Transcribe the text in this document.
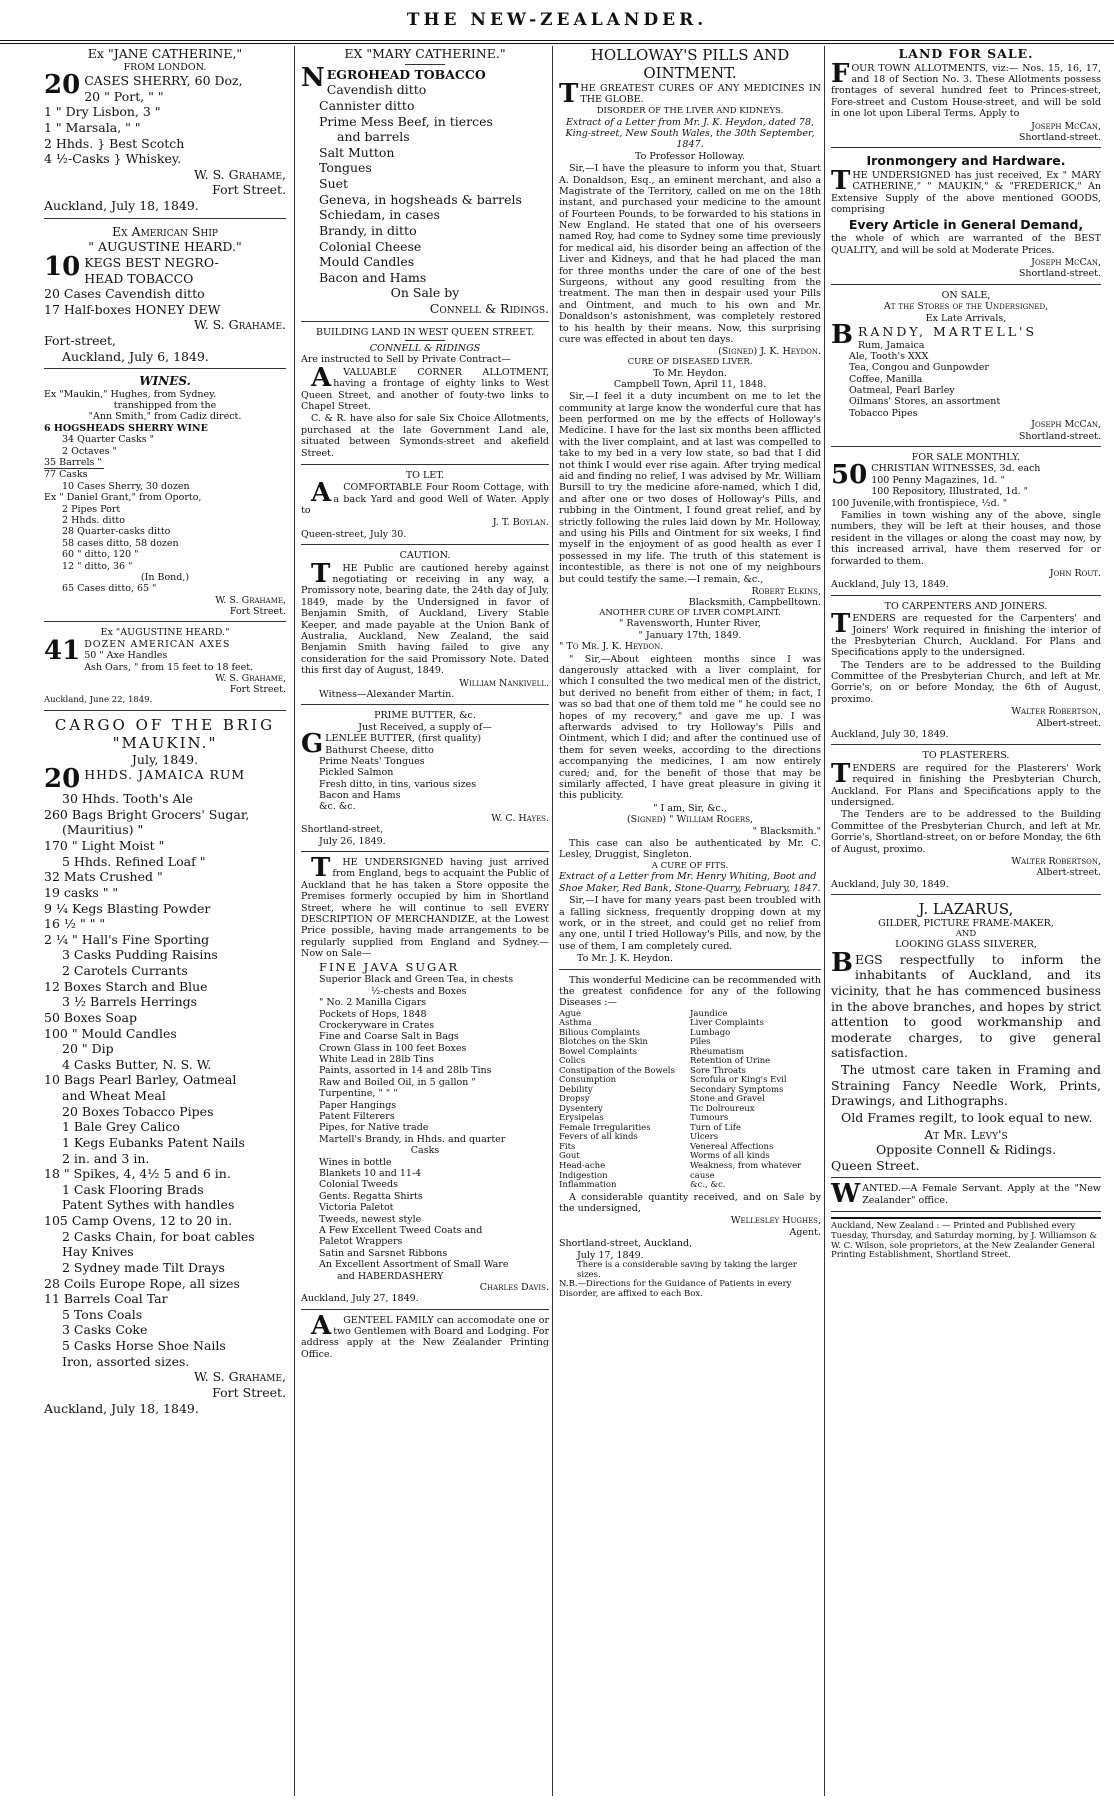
THE NEW-ZEALANDER.
Ex "JANE CATHERINE,"
FROM LONDON.
20 CASES SHERRY, 60 Doz,
20 " Port, " "
1 " Dry Lisbon, 3 "
1 " Marsala, " "
2 Hhds. } Best Scotch
4 ½-Casks } Whiskey.
W. S. Grahame,
Fort Street.
Auckland, July 18, 1849.
Ex American Ship
" AUGUSTINE HEARD."
10 KEGS BEST NEGRO-
HEAD TOBACCO
20 Cases Cavendish ditto
17 Half-boxes HONEY DEW
W. S. Grahame.
Fort-street,
Auckland, July 6, 1849.
WINES.
Ex "Maukin," Hughes, from Sydney.
transhipped from the
"Ann Smith," from Cadiz direct.
6 HOGSHEADS SHERRY WINE
34 Quarter Casks "
2 Octaves "
35 Barrels "
77 Casks
10 Cases Sherry, 30 dozen
Ex " Daniel Grant," from Oporto,
2 Pipes Port
2 Hhds. ditto
28 Quarter-casks ditto
58 cases ditto, 58 dozen
60 " ditto, 120 "
12 " ditto, 36 "
(In Bond,)
65 Cases ditto, 65 "
W. S. Grahame,
Fort Street.
Ex "AUGUSTINE HEARD."
41 DOZEN AMERICAN AXES
50 " Axe Handles
Ash Oars, " from 15 feet to 18 feet.
W. S. Grahame,
Fort Street.
Auckland, June 22, 1849.
CARGO OF THE BRIG
"MAUKIN."
July, 1849.
20 HHDS. JAMAICA RUM
30 Hhds. Tooth's Ale
260 Bags Bright Grocers' Sugar,
(Mauritius) "
170 " Light Moist "
5 Hhds. Refined Loaf "
32 Mats Crushed "
19 casks " "
9 ¼ Kegs Blasting Powder
16 ½ " " "
2 ¼ " Hall's Fine Sporting
3 Casks Pudding Raisins
2 Carotels Currants
12 Boxes Starch and Blue
3 ½ Barrels Herrings
50 Boxes Soap
100 " Mould Candles
20 " Dip
4 Casks Butter, N. S. W.
10 Bags Pearl Barley, Oatmeal
and Wheat Meal
20 Boxes Tobacco Pipes
1 Bale Grey Calico
1 Kegs Eubanks Patent Nails
2 in. and 3 in.
18 " Spikes, 4, 4½ 5 and 6 in.
1 Cask Flooring Brads
Patent Sythes with handles
105 Camp Ovens, 12 to 20 in.
2 Casks Chain, for boat cables
Hay Knives
2 Sydney made Tilt Drays
28 Coils Europe Rope, all sizes
11 Barrels Coal Tar
5 Tons Coals
3 Casks Coke
5 Casks Horse Shoe Nails
Iron, assorted sizes.
W. S. Grahame,
Fort Street.
Auckland, July 18, 1849.
EX "MARY CATHERINE."
NEGROHEAD TOBACCO
Cavendish ditto
Cannister ditto
Prime Mess Beef, in tierces
and barrels
Salt Mutton
Tongues
Suet
Geneva, in hogsheads & barrels
Schiedam, in cases
Brandy, in ditto
Colonial Cheese
Mould Candles
Bacon and Hams
On Sale by
Connell & Ridings.
BUILDING LAND IN WEST QUEEN STREET.
CONNELL & RIDINGS
Are instructed to Sell by Private Contract—
AVALUABLE CORNER ALLOTMENT, having a frontage of eighty links to West Queen Street, and another of fouty-two links to Chapel Street.
C. & R. have also for sale Six Choice Allotments, purchased at the late Government Land ale, situated between Symonds-street and akefield Street.
TO LET.
ACOMFORTABLE Four Room Cottage, with a back Yard and good Well of Water. Apply to
J. T. Boylan.
Queen-street, July 30.
CAUTION.
THE Public are cautioned hereby against negotiating or receiving in any way, a Promissory note, bearing date, the 24th day of July, 1849, made by the Undersigned in favor of Benjamin Smith, of Auckland, Livery Stable Keeper, and made payable at the Union Bank of Australia, Auckland, New Zealand, the said Benjamin Smith having failed to give any consideration for the said Promissory Note. Dated this first day of August, 1849.
William Nankivell.
Witness—Alexander Martin.
PRIME BUTTER, &c.
Just Received, a supply of—
GLENLEE BUTTER, (first quality)
Bathurst Cheese, ditto
Prime Neats' Tongues
Pickled Salmon
Fresh ditto, in tins, various sizes
Bacon and Hams
&c. &c.
W. C. Hayes.
Shortland-street,
July 26, 1849.
THE UNDERSIGNED having just arrived from England, begs to acquaint the Public of Auckland that he has taken a Store opposite the Premises formerly occupied by him in Shortland Street, where he will continue to sell EVERY DESCRIPTION OF MERCHANDIZE, at the Lowest Price possible, having made arrangements to be regularly supplied from England and Sydney.—Now on Sale—
FINE JAVA SUGAR
Superior Black and Green Tea, in chests
½-chests and Boxes
" No. 2 Manilla Cigars
Pockets of Hops, 1848
Crockeryware in Crates
Fine and Coarse Salt in Bags
Crown Glass in 100 feet Boxes
White Lead in 28lb Tins
Paints, assorted in 14 and 28lb Tins
Raw and Boiled Oil, in 5 gallon "
Turpentine, " " "
Paper Hangings
Patent Filterers
Pipes, for Native trade
Martell's Brandy, in Hhds. and quarter
Casks
Wines in bottle
Blankets 10 and 11-4
Colonial Tweeds
Gents. Regatta Shirts
Victoria Paletot
Tweeds, newest style
A Few Excellent Tweed Coats and
Paletot Wrappers
Satin and Sarsnet Ribbons
An Excellent Assortment of Small Ware
and HABERDASHERY
Charles Davis.
Auckland, July 27, 1849.
AGENTEEL FAMILY can accomodate one or two Gentlemen with Board and Lodging. For address apply at the New Zealander Printing Office.
HOLLOWAY'S PILLS AND OINTMENT.
THE GREATEST CURES OF ANY MEDICINES IN THE GLOBE.
DISORDER OF THE LIVER AND KIDNEYS.
Extract of a Letter from Mr. J. K. Heydon, dated 78, King-street, New South Wales, the 30th September, 1847.
To Professor Holloway.
Sir,—I have the pleasure to inform you that, Stuart A. Donaldson, Esq., an eminent merchant, and also a Magistrate of the Territory, called on me on the 18th instant, and purchased your medicine to the amount of Fourteen Pounds, to be forwarded to his stations in New England. He stated that one of his overseers named Roy, had come to Sydney some time previously for medical aid, his disorder being an affection of the Liver and Kidneys, and that he had placed the man for three months under the care of one of the best Surgeons, without any good resulting from the treatment. The man then in despair used your Pills and Ointment, and much to his own and Mr. Donaldson's astonishment, was completely restored to his health by their means. Now, this surprising cure was effected in about ten days.
(Signed) J. K. Heydon.
CURE OF DISEASED LIVER.
To Mr. Heydon.
Campbell Town, April 11, 1848.
Sir,—I feel it a duty incumbent on me to let the community at large know the wonderful cure that has been performed on me by the effects of Holloway's Medicine. I have for the last six months been afflicted with the liver complaint, and at last was compelled to take to my bed in a very low state, so bad that I did not think I would ever rise again. After trying medical aid and finding no relief, I was advised by Mr. William Bursill to try the medicine afore-named, which I did, and after one or two doses of Holloway's Pills, and rubbing in the Ointment, I found great relief, and by strictly following the rules laid down by Mr. Holloway, and using his Pills and Ointment for six weeks, I find myself in the enjoyment of as good health as ever I possessed in my life. The truth of this statement is incontestible, as there is not one of my neighbours but could testify the same.—I remain, &c.,
Robert Elkins,
Blacksmith, Campbelltown.
ANOTHER CURE OF LIVER COMPLAINT.
" Ravensworth, Hunter River,
" January 17th, 1849.
" To Mr. J. K. Heydon.
" Sir,—About eighteen months since I was dangerously attacked with a liver complaint, for which I consulted the two medical men of the district, but derived no benefit from either of them; in fact, I was so bad that one of them told me " he could see no hopes of my recovery," and gave me up. I was afterwards advised to try Holloway's Pills and Ointment, which I did; and after the continued use of them for seven weeks, according to the directions accompanying the medicines, I am now entirely cured; and, for the benefit of those that may be similarly affected, I have great pleasure in giving it this publicity.
" I am, Sir, &c.,
(Signed) " William Rogers,
" Blacksmith."
This case can also be authenticated by Mr. C. Lesley, Druggist, Singleton.
A CURE OF FITS.
Extract of a Letter from Mr. Henry Whiting, Boot and Shoe Maker, Red Bank, Stone-Quarry, February, 1847.
Sir,—I have for many years past been troubled with a falling sickness, frequently dropping down at my work, or in the street, and could get no relief from any one, until I tried Holloway's Pills, and now, by the use of them, I am completely cured.
To Mr. J. K. Heydon.
This wonderful Medicine can be recommended with the greatest confidence for any of the following Diseases :—
Ague
Asthma
Bilious Complaints
Blotches on the Skin
Bowel Complaints
Colics
Constipation of the Bowels
Consumption
Debility
Dropsy
Dysentery
Erysipelas
Female Irregularities
Fevers of all kinds
Fits
Gout
Head-ache
Indigestion
Inflammation
Jaundice
Liver Complaints
Lumbago
Piles
Rheumatism
Retention of Urine
Sore Throats
Scrofula or King's Evil
Secondary Symptoms
Stone and Gravel
Tic Dolroureux
Tumours
Turn of Life
Ulcers
Venereal Affections
Worms of all kinds
Weakness, from whatever cause
&c., &c.
A considerable quantity received, and on Sale by the undersigned,
Wellesley Hughes,
Agent.
Shortland-street, Auckland,
July 17, 1849.
There is a considerable saving by taking the larger sizes.
N.B.—Directions for the Guidance of Patients in every Disorder, are affixed to each Box.
LAND FOR SALE.
FOUR TOWN ALLOTMENTS, viz:— Nos. 15, 16, 17, and 18 of Section No. 3. These Allotments possess frontages of several hundred feet to Princes-street, Fore-street and Custom House-street, and will be sold in one lot upon Liberal Terms. Apply to
Joseph McCan,
Shortland-street.
Ironmongery and Hardware.
THE UNDERSIGNED has just received, Ex " MARY CATHERINE," " MAUKIN," & "FREDERICK," An Extensive Supply of the above mentioned GOODS, comprising
Every Article in General Demand,
the whole of which are warranted of the BEST QUALITY, and will be sold at Moderate Prices.
Joseph McCan,
Shortland-street.
ON SALE,
At the Stores of the Undersigned,
Ex Late Arrivals,
BRANDY, MARTELL'S
Rum, Jamaica
Ale, Tooth's XXX
Tea, Congou and Gunpowder
Coffee, Manilla
Oatmeal, Pearl Barley
Oilmans' Stores, an assortment
Tobacco Pipes
Joseph McCan,
Shortland-street.
FOR SALE MONTHLY.
50 CHRISTIAN WITNESSES, 3d. each
100 Penny Magazines, 1d. "
100 Repository, Illustrated, 1d. "
100 Juvenile,with frontispiece, ½d. "
Families in town wishing any of the above, single numbers, they will be left at their houses, and those resident in the villages or along the coast may now, by this increased arrival, have them reserved for or forwarded to them.
John Rout.
Auckland, July 13, 1849.
TO CARPENTERS AND JOINERS.
TENDERS are requested for the Carpenters' and Joiners' Work required in finishing the interior of the Presbyterian Church, Auckland. For Plans and Specifications apply to the undersigned.
The Tenders are to be addressed to the Building Committee of the Presbyterian Church, and left at Mr. Gorrie's, on or before Monday, the 6th of August, proximo.
Walter Robertson,
Albert-street.
Auckland, July 30, 1849.
TO PLASTERERS.
TENDERS are required for the Plasterers' Work required in finishing the Presbyterian Church, Auckland. For Plans and Specifications apply to the undersigned.
The Tenders are to be addressed to the Building Committee of the Presbyterian Church, and left at Mr. Gorrie's, Shortland-street, on or before Monday, the 6th of August, proximo.
Walter Robertson,
Albert-street.
Auckland, July 30, 1849.
J. LAZARUS,
GILDER, PICTURE FRAME-MAKER,
AND
LOOKING GLASS SILVERER,
BEGS respectfully to inform the inhabitants of Auckland, and its vicinity, that he has commenced business in the above branches, and hopes by strict attention to good workmanship and moderate charges, to give general satisfaction.
The utmost care taken in Framing and Straining Fancy Needle Work, Prints, Drawings, and Lithographs.
Old Frames regilt, to look equal to new.
At Mr. Levy's
Opposite Connell & Ridings.
Queen Street.
WANTED.—A Female Servant. Apply at the "New Zealander" office.
Auckland, New Zealand : — Printed and Published every Tuesday, Thursday, and Saturday morning, by J. Williamson & W. C. Wilson, sole proprietors, at the New Zealander General Printing Establishment, Shortland Street.
